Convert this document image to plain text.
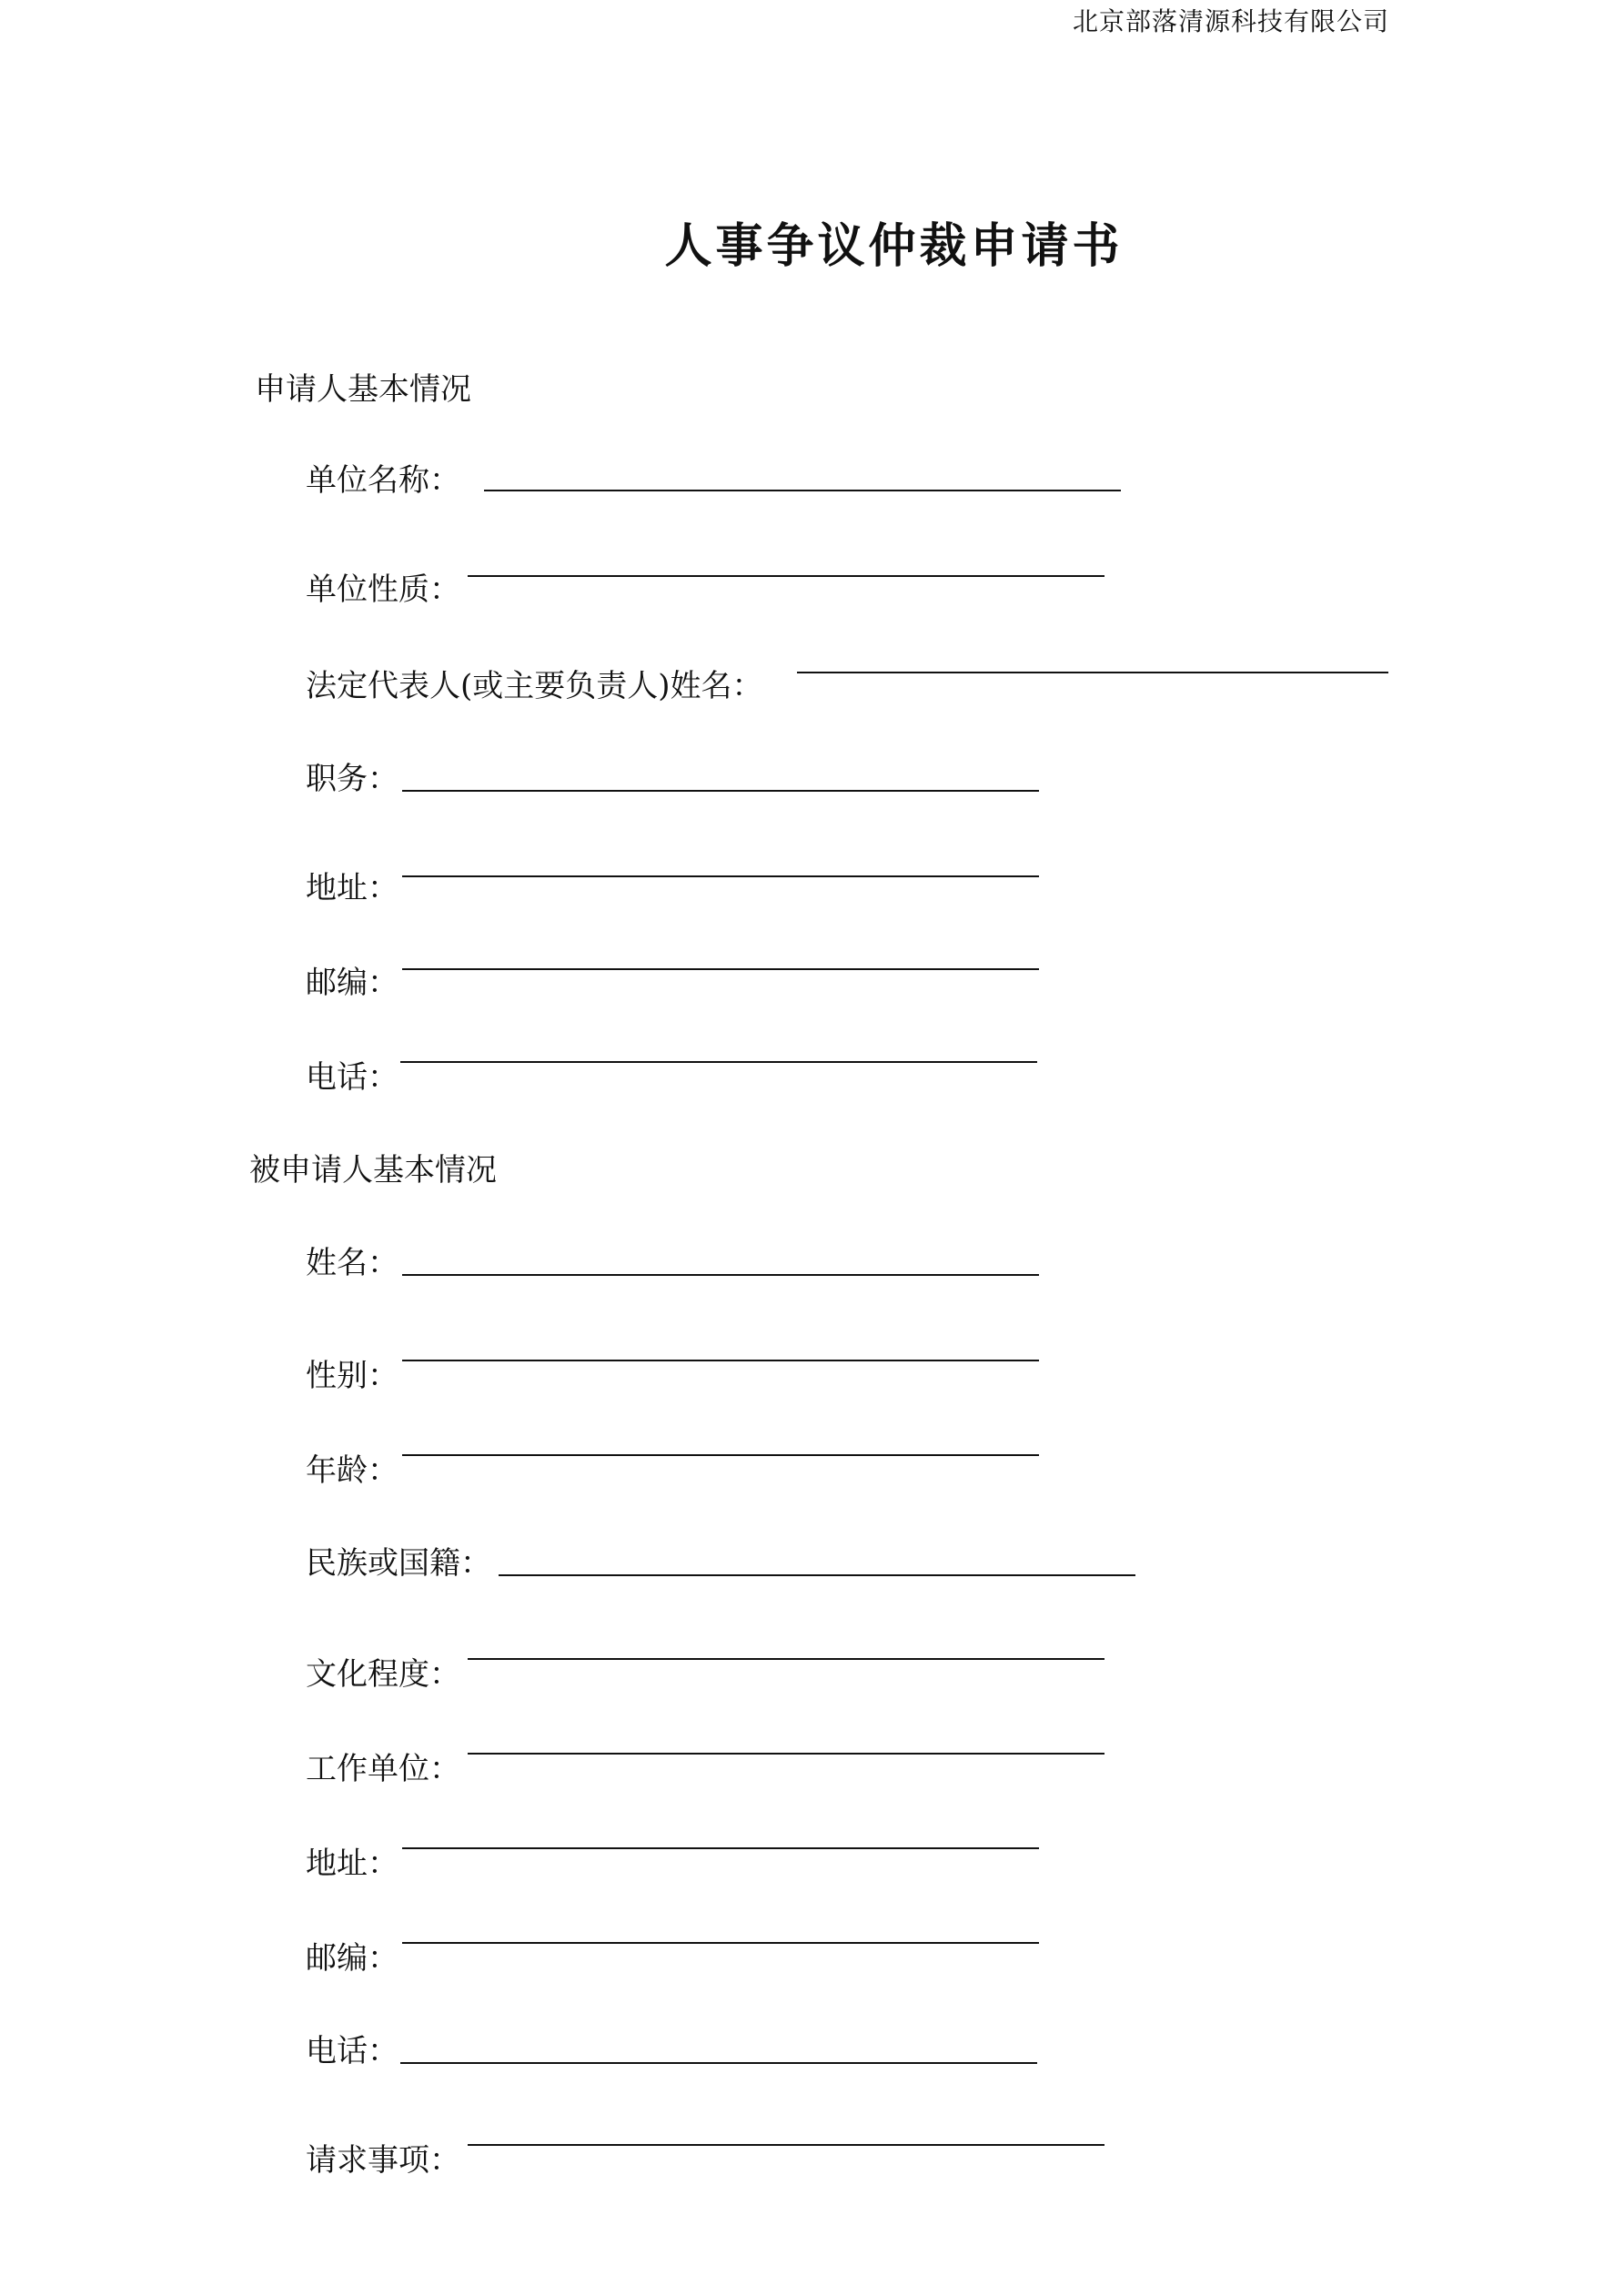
北京部落清源科技有限公司
人事争议仲裁申请书
申请人基本情况
单位名称：
单位性质：
法定代表人(或主要负责人)姓名：
职务：
地址：
邮编：
电话：
被申请人基本情况
姓名：
性别：
年龄：
民族或国籍：
文化程度：
工作单位：
地址：
邮编：
电话：
请求事项：
